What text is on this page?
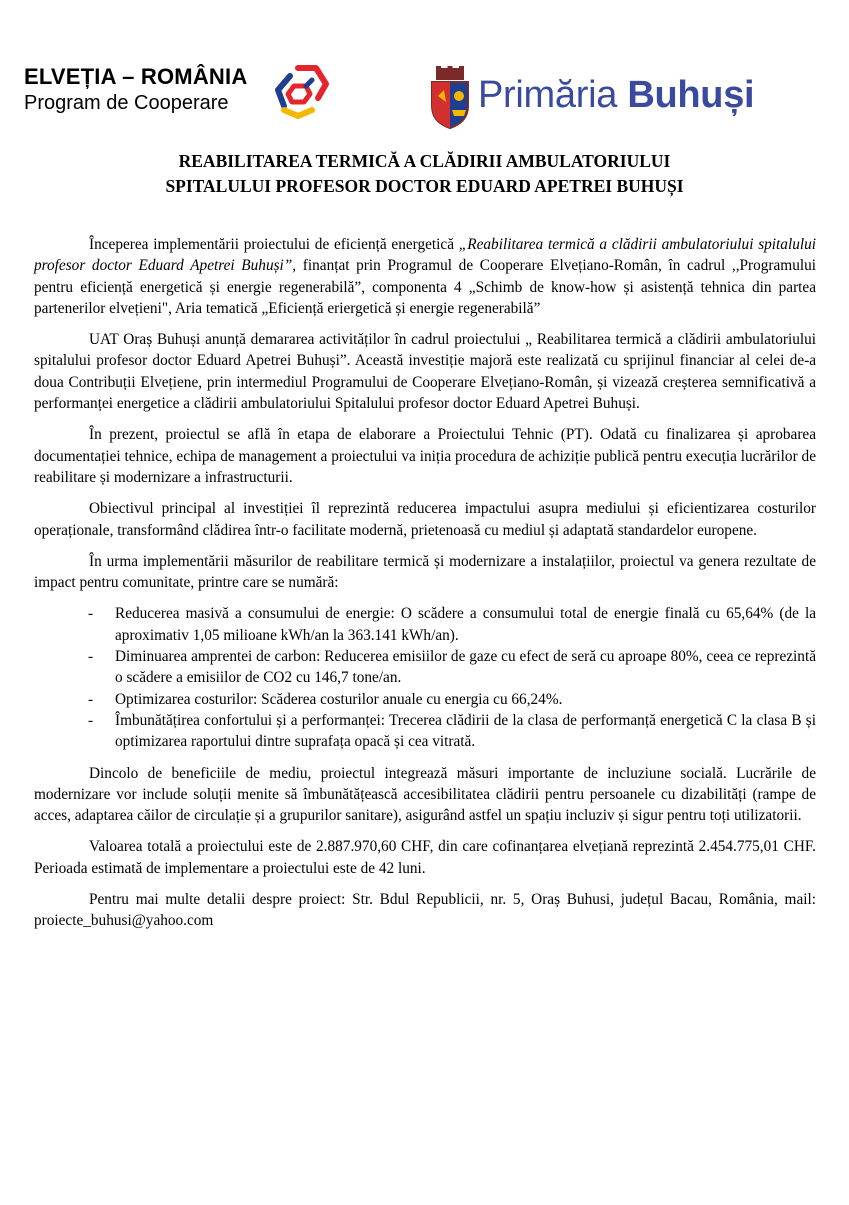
ELVEȚIA – ROMÂNIA
Program de Cooperare	Primăria Buhuși
REABILITAREA TERMICĂ A CLĂDIRII AMBULATORIULUI
SPITALULUI PROFESOR DOCTOR EDUARD APETREI BUHUȘI

Începerea implementării proiectului de eficiență energetică „Reabilitarea termică a clădirii ambulatoriului spitalului profesor doctor Eduard Apetrei Buhuși”, finanțat prin Programul de Cooperare Elvețiano-Român, în cadrul ,,Programului pentru eficiență energetică și energie regenerabilă”, componenta 4 „Schimb de know-how și asistență tehnica din partea partenerilor elvețieni", Aria tematică „Eficiență eriergetică și energie regenerabilă”

UAT Oraș Buhuși anunță demararea activităților în cadrul proiectului „ Reabilitarea termică a clădirii ambulatoriului spitalului profesor doctor Eduard Apetrei Buhuși”. Această investiție majoră este realizată cu sprijinul financiar al celei de-a doua Contribuții Elvețiene, prin intermediul Programului de Cooperare Elvețiano-Român, și vizează creșterea semnificativă a performanței energetice a clădirii ambulatoriului Spitalului profesor doctor Eduard Apetrei Buhuși.

În prezent, proiectul se află în etapa de elaborare a Proiectului Tehnic (PT). Odată cu finalizarea și aprobarea documentației tehnice, echipa de management a proiectului va iniția procedura de achiziție publică pentru execuția lucrărilor de reabilitare și modernizare a infrastructurii.

Obiectivul principal al investiției îl reprezintă reducerea impactului asupra mediului și eficientizarea costurilor operaționale, transformând clădirea într-o facilitate modernă, prietenoasă cu mediul și adaptată standardelor europene.

În urma implementării măsurilor de reabilitare termică și modernizare a instalațiilor, proiectul va genera rezultate de impact pentru comunitate, printre care se numără:

- Reducerea masivă a consumului de energie: O scădere a consumului total de energie finală cu 65,64% (de la aproximativ 1,05 milioane kWh/an la 363.141 kWh/an).
- Diminuarea amprentei de carbon: Reducerea emisiilor de gaze cu efect de seră cu aproape 80%, ceea ce reprezintă o scădere a emisiilor de CO2 cu 146,7 tone/an.
- Optimizarea costurilor: Scăderea costurilor anuale cu energia cu 66,24%.
- Îmbunătățirea confortului și a performanței: Trecerea clădirii de la clasa de performanță energetică C la clasa B și optimizarea raportului dintre suprafața opacă și cea vitrată.

Dincolo de beneficiile de mediu, proiectul integrează măsuri importante de incluziune socială. Lucrările de modernizare vor include soluții menite să îmbunătățească accesibilitatea clădirii pentru persoanele cu dizabilități (rampe de acces, adaptarea căilor de circulație și a grupurilor sanitare), asigurând astfel un spațiu incluziv și sigur pentru toți utilizatorii.

Valoarea totală a proiectului este de 2.887.970,60 CHF, din care cofinanțarea elvețiană reprezintă 2.454.775,01 CHF. Perioada estimată de implementare a proiectului este de 42 luni.

Pentru mai multe detalii despre proiect: Str. Bdul Republicii, nr. 5, Oraș Buhusi, județul Bacau, România, mail: proiecte_buhusi@yahoo.com
